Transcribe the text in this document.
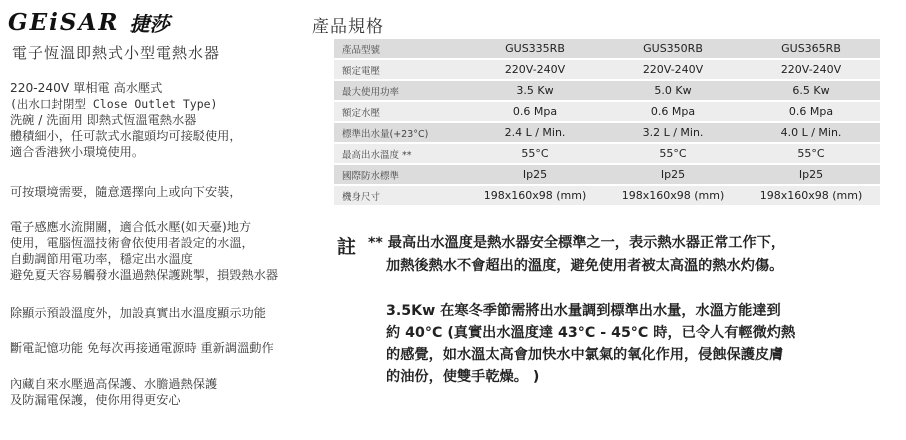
GEiSAR 捷莎
電子恆溫即熱式小型電熱水器
220-240V 單相電 高水壓式
(出水口封閉型 Close Outlet Type)
洗碗 / 洗面用 即熱式恆溫電熱水器
體積細小，任可款式水龍頭均可接駁使用，
適合香港狹小環境使用。
可按環境需要，隨意選擇向上或向下安裝，
電子感應水流開關，適合低水壓(如天臺)地方
使用，電腦恆溫技術會依使用者設定的水溫，
自動調節用電功率，穩定出水溫度
避免夏天容易觸發水溫過熱保護跳掣，損毀熱水器
除顯示預設溫度外，加設真實出水溫度顯示功能
斷電記憶功能 免每次再接通電源時 重新調溫動作
內藏自來水壓過高保護、水膽過熱保護
及防漏電保護，使你用得更安心
產品規格
產品型號	GUS335RB	GUS350RB	GUS365RB
額定電壓	220V-240V	220V-240V	220V-240V
最大使用功率	3.5 Kw	5.0 Kw	6.5 Kw
額定水壓	0.6 Mpa	0.6 Mpa	0.6 Mpa
標準出水量(+23°C)	2.4 L / Min.	3.2 L / Min.	4.0 L / Min.
最高出水溫度 **	55°C	55°C	55°C
國際防水標準	Ip25	Ip25	Ip25
機身尺寸	198x160x98 (mm)	198x160x98 (mm)	198x160x98 (mm)
註 ** 最高出水溫度是熱水器安全標準之一，表示熱水器正常工作下，
加熱後熱水不會超出的溫度，避免使用者被太高溫的熱水灼傷。
3.5Kw 在寒冬季節需將出水量調到標準出水量，水溫方能達到
約 40°C (真實出水溫度達 43°C - 45°C 時，已令人有輕微灼熱
的感覺，如水溫太高會加快水中氯氣的氧化作用，侵蝕保護皮膚
的油份，使雙手乾燥。 )
